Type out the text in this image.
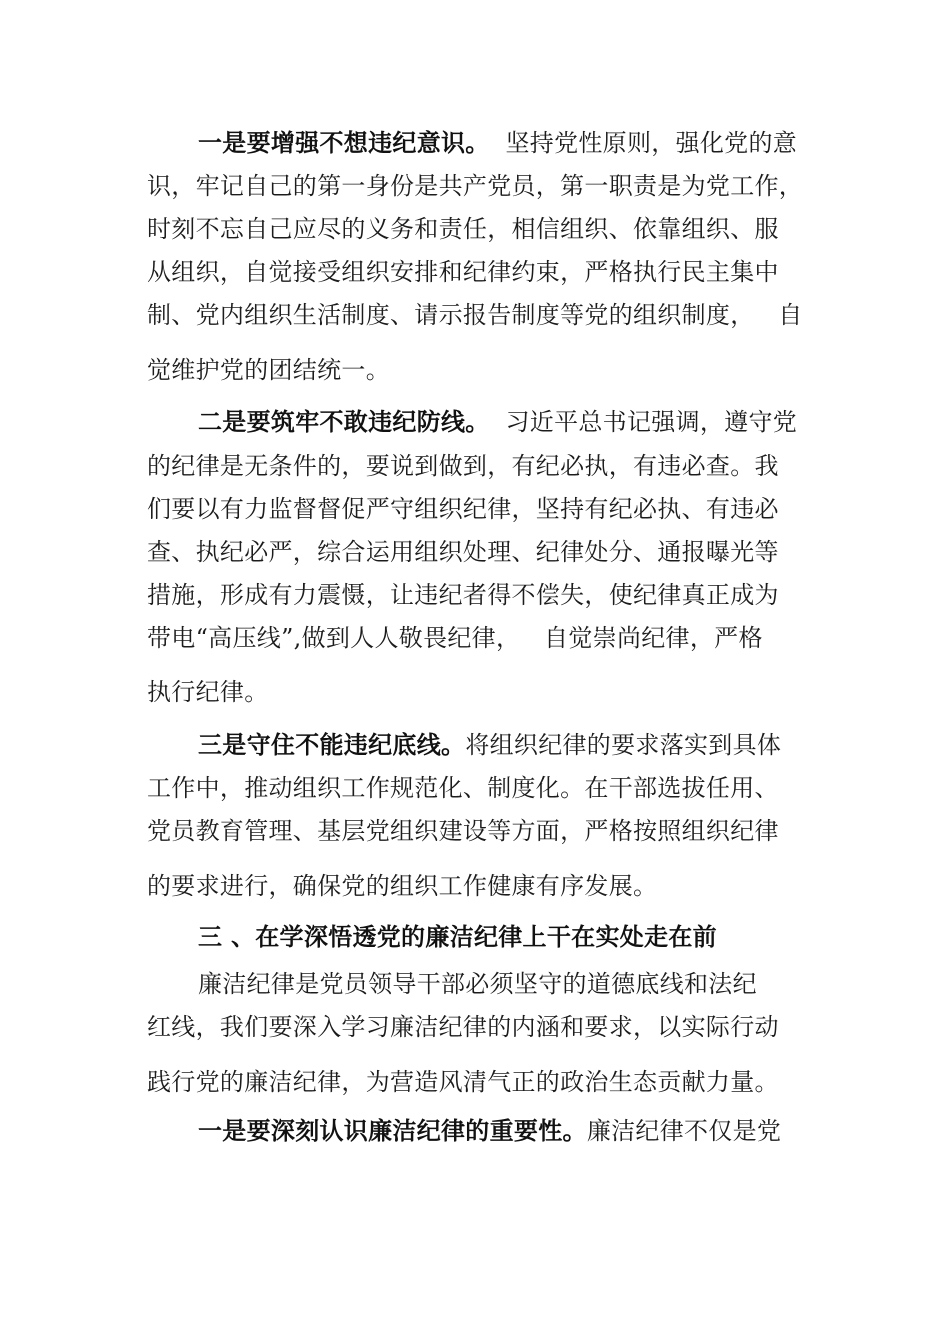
一是要增强不想违纪意识。  坚持党性原则，强化党的意
识，牢记自己的第一身份是共产党员，第一职责是为党工作，
时刻不忘自己应尽的义务和责任，相信组织、依靠组织、服
从组织，自觉接受组织安排和纪律约束，严格执行民主集中
制、党内组织生活制度、请示报告制度等党的组织制度，   自
觉维护党的团结统一。
二是要筑牢不敢违纪防线。  习近平总书记强调，遵守党
的纪律是无条件的，要说到做到，有纪必执，有违必查。我
们要以有力监督督促严守组织纪律，坚持有纪必执、有违必
查、执纪必严，综合运用组织处理、纪律处分、通报曝光等
措施，形成有力震慑，让违纪者得不偿失，使纪律真正成为
带电“高压线”,做到人人敬畏纪律，   自觉崇尚纪律，严格
执行纪律。
三是守住不能违纪底线。将组织纪律的要求落实到具体
工作中，推动组织工作规范化、制度化。在干部选拔任用、
党员教育管理、基层党组织建设等方面，严格按照组织纪律
的要求进行，确保党的组织工作健康有序发展。
三 、在学深悟透党的廉洁纪律上干在实处走在前
廉洁纪律是党员领导干部必须坚守的道德底线和法纪
红线，我们要深入学习廉洁纪律的内涵和要求，以实际行动
践行党的廉洁纪律，为营造风清气正的政治生态贡献力量。
一是要深刻认识廉洁纪律的重要性。廉洁纪律不仅是党
